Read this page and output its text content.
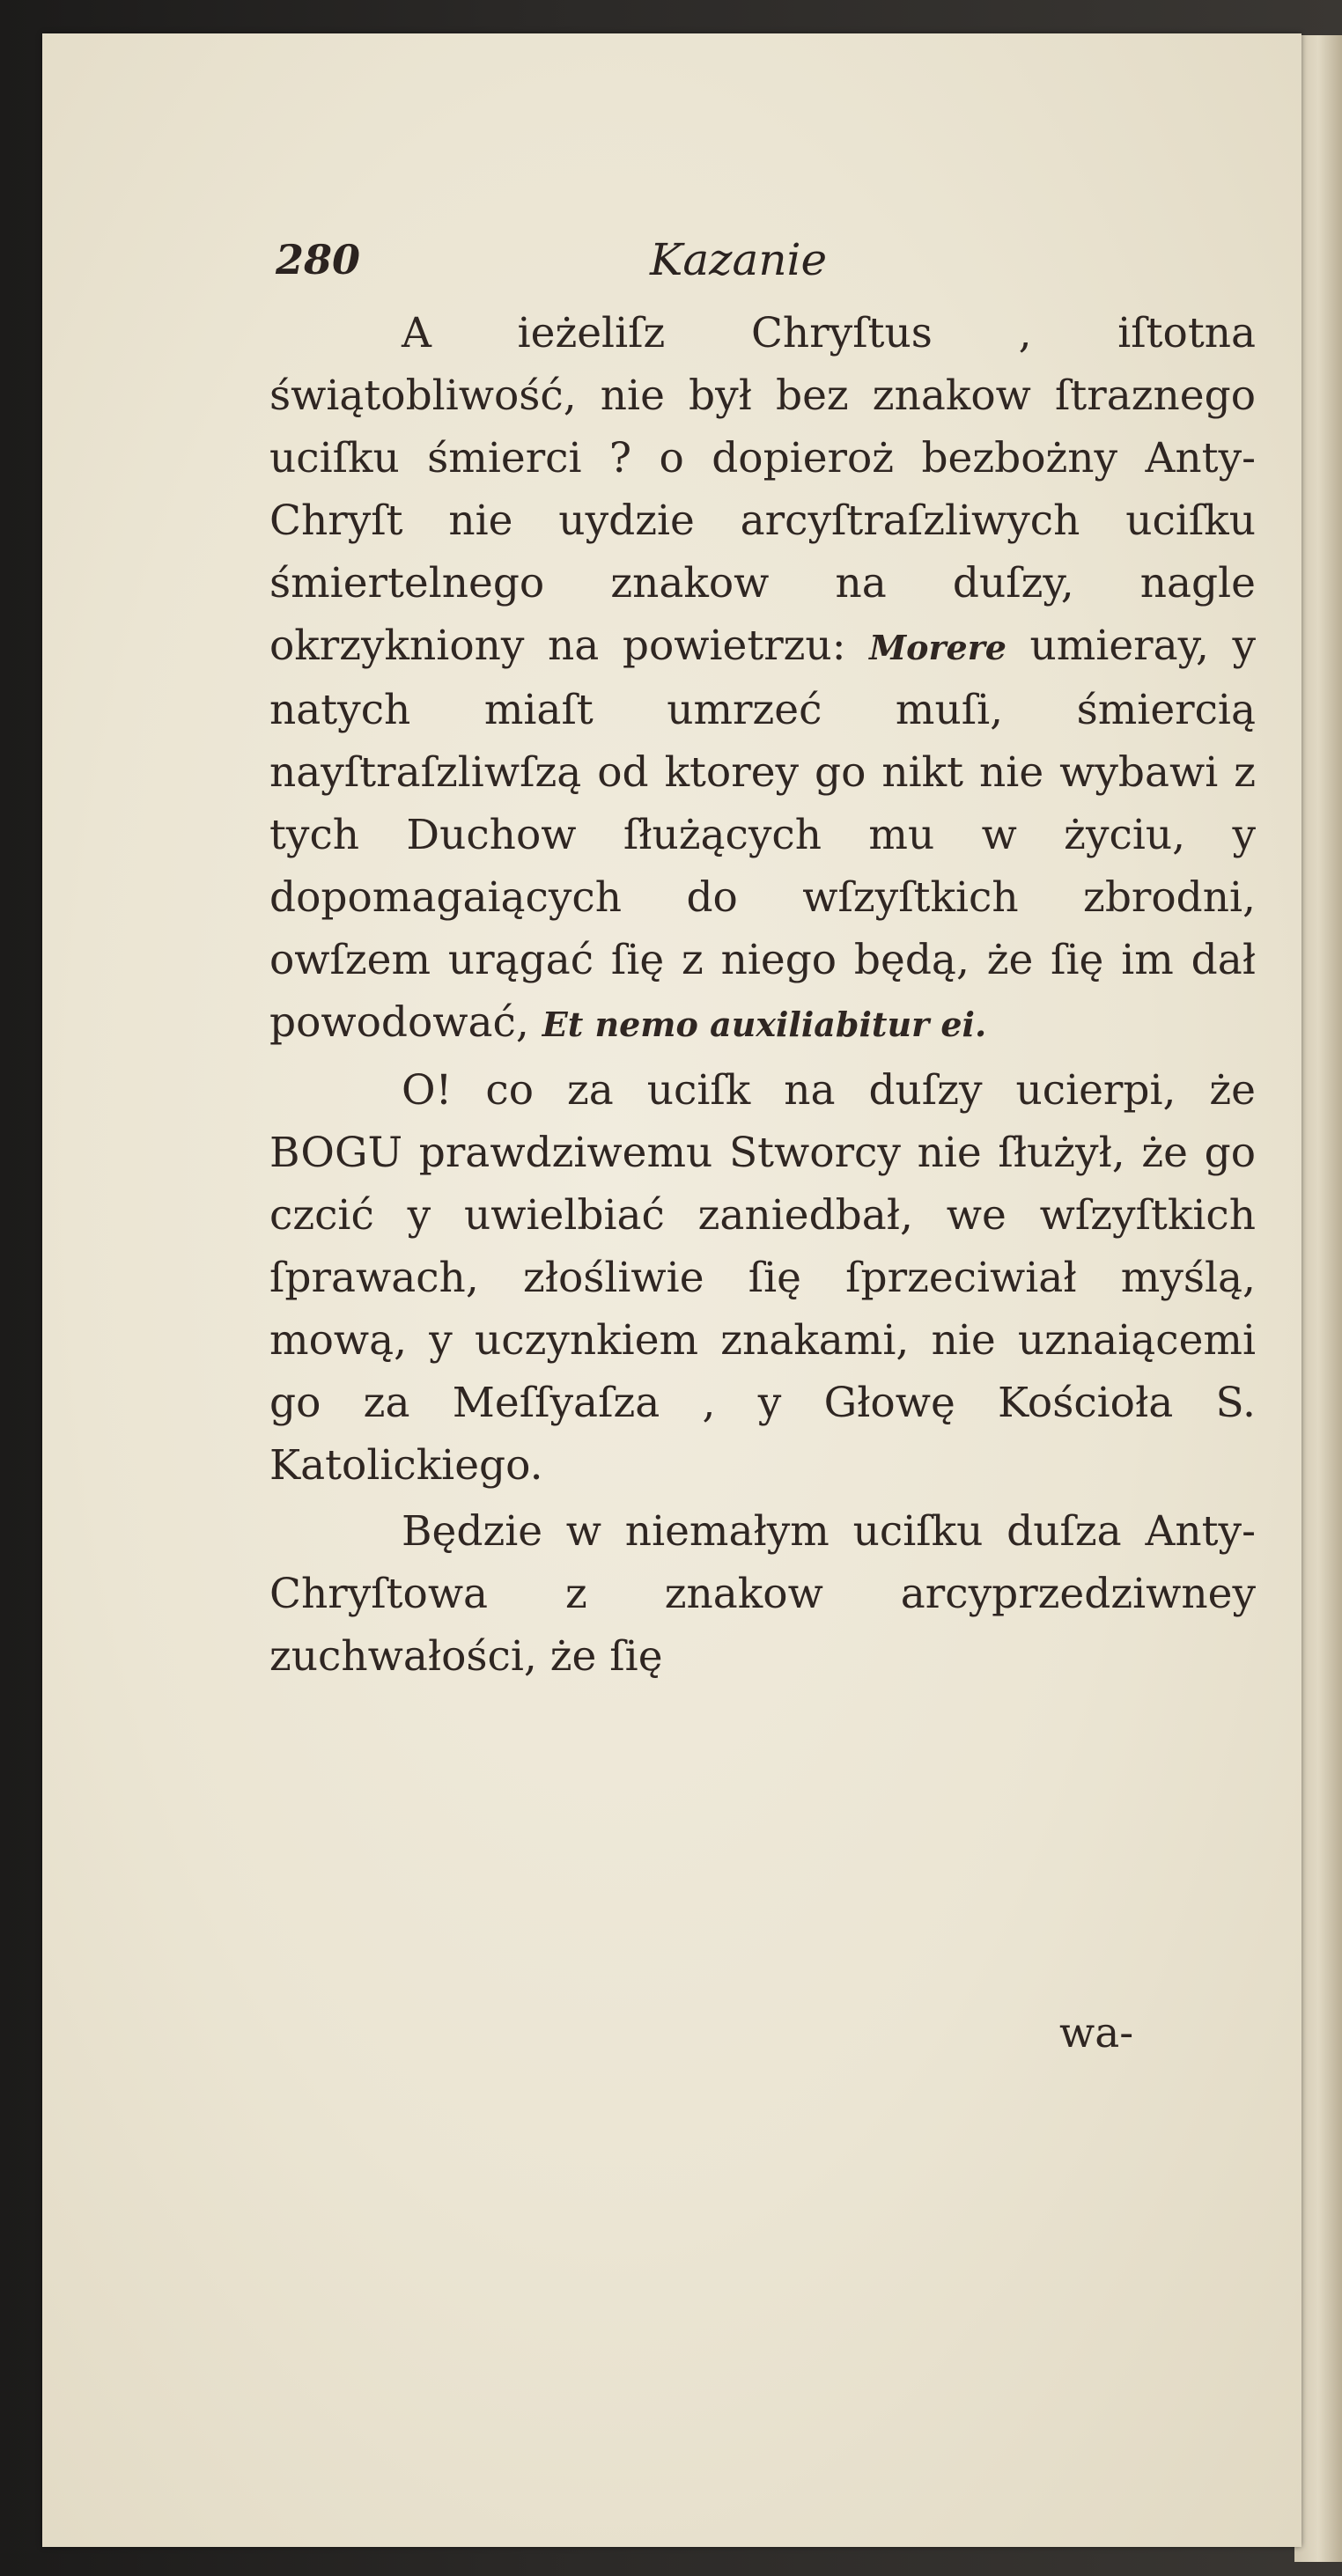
280	Kazanie

A ieżeliſz Chryſtus , iſtotna świątobliwość, nie był bez znakow ſtraznego uciſku śmierci ? o dopieroż bezbożny Anty-Chryſt nie uydzie arcyſtraſzliwych uciſku śmiertelnego znakow na duſzy, nagle okrzykniony na powietrzu: Morere umieray, y natych miaſt umrzeć muſi, śmiercią nayſtraſzliwſzą od ktorey go nikt nie wybawi z tych Duchow ſłużących mu w życiu, y dopomagaiących do wſzyſtkich zbrodni, owſzem urągać ſię z niego będą, że ſię im dał powodować, Et nemo auxiliabitur ei.

O! co za uciſk na duſzy ucierpi, że BOGU prawdziwemu Stworcy nie ſłużył, że go czcić y uwielbiać zaniedbał, we wſzyſtkich ſprawach, złośliwie ſię ſprzeciwiał myślą, mową, y uczynkiem znakami, nie uznaiącemi go za Meſſyaſza , y Głowę Kościoła S. Katolickiego.

Będzie w niemałym uciſku duſza Anty-Chryſtowa z znakow arcyprzedziwney zuchwałości, że ſię

wa-
